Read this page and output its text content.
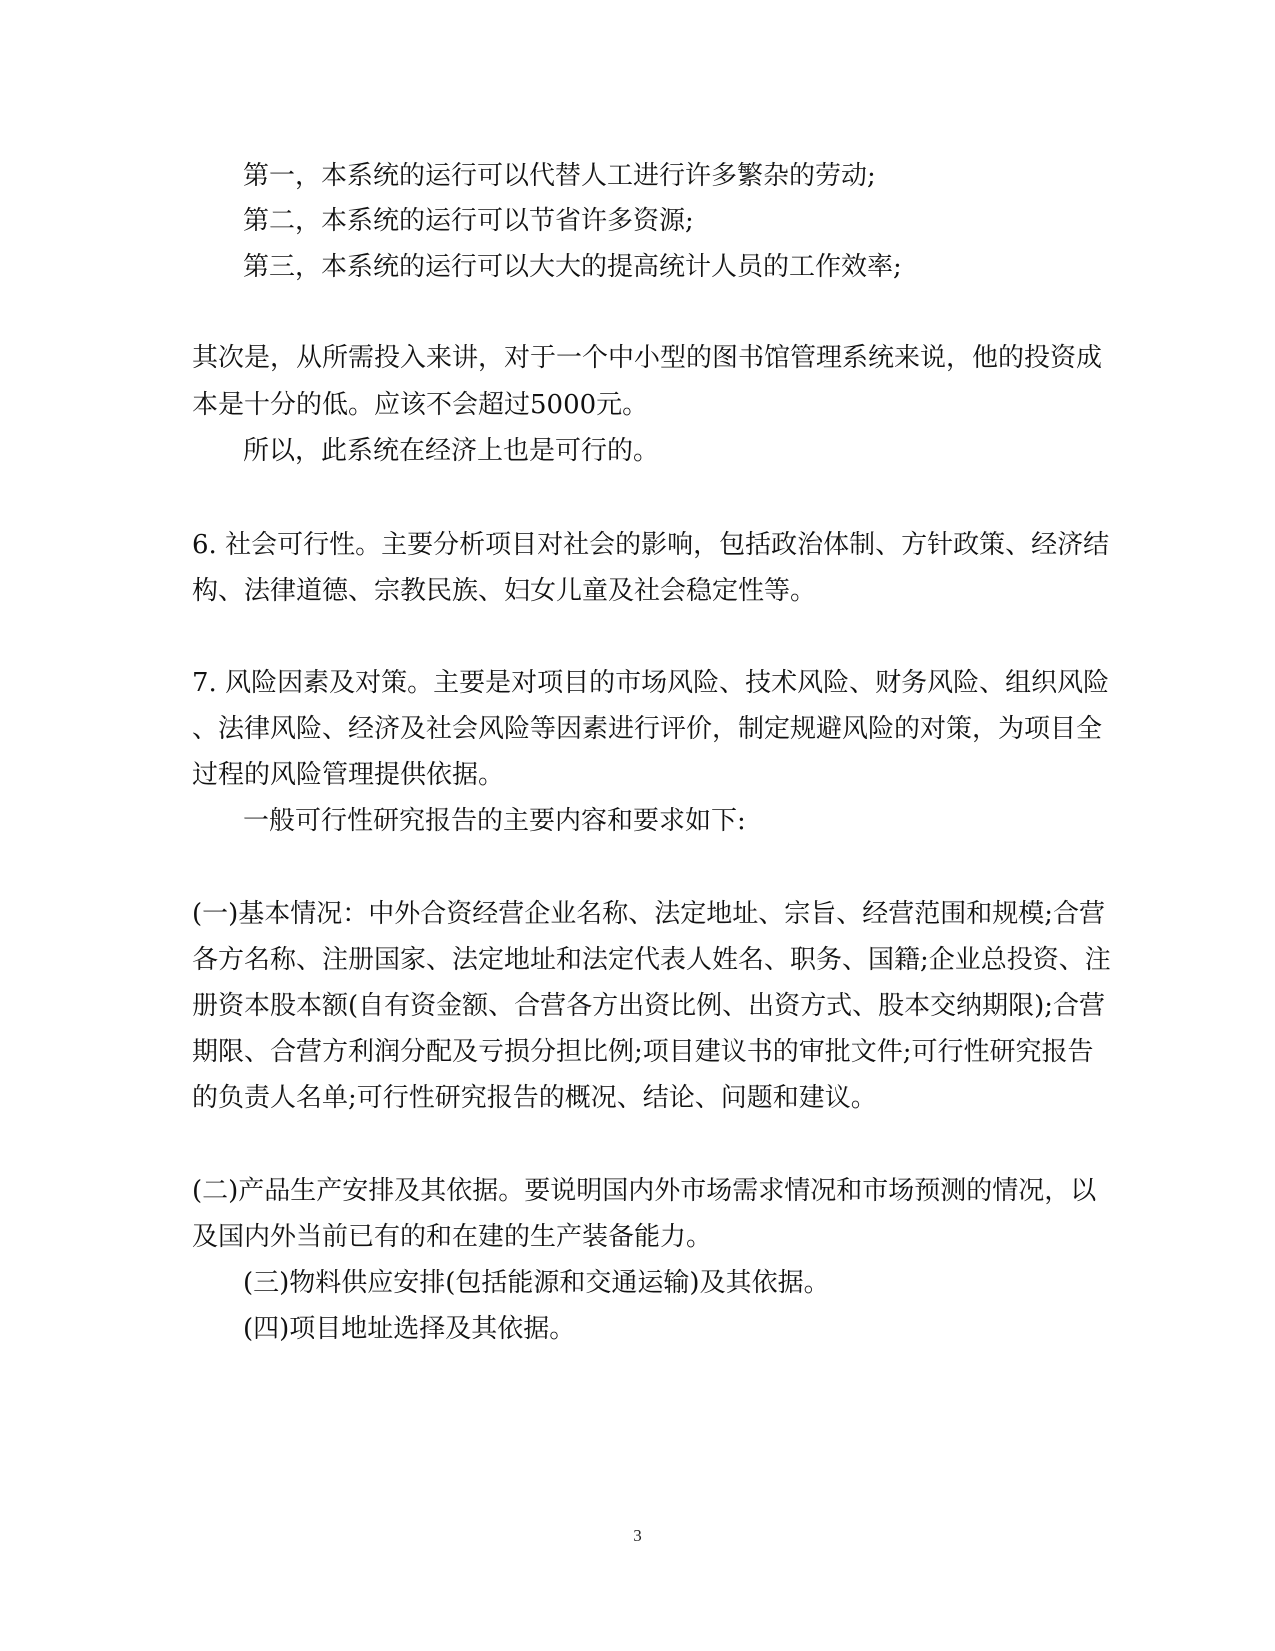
第一，本系统的运行可以代替人工进行许多繁杂的劳动;
第二，本系统的运行可以节省许多资源;
第三，本系统的运行可以大大的提高统计人员的工作效率;
其次是，从所需投入来讲，对于一个中小型的图书馆管理系统来说，他的投资成
本是十分的低。应该不会超过5000元。
所以，此系统在经济上也是可行的。
6. 社会可行性。主要分析项目对社会的影响，包括政治体制、方针政策、经济结
构、法律道德、宗教民族、妇女儿童及社会稳定性等。
7. 风险因素及对策。主要是对项目的市场风险、技术风险、财务风险、组织风险
、法律风险、经济及社会风险等因素进行评价，制定规避风险的对策，为项目全
过程的风险管理提供依据。
一般可行性研究报告的主要内容和要求如下:
(一)基本情况：中外合资经营企业名称、法定地址、宗旨、经营范围和规模;合营
各方名称、注册国家、法定地址和法定代表人姓名、职务、国籍;企业总投资、注
册资本股本额(自有资金额、合营各方出资比例、出资方式、股本交纳期限);合营
期限、合营方利润分配及亏损分担比例;项目建议书的审批文件;可行性研究报告
的负责人名单;可行性研究报告的概况、结论、问题和建议。
(二)产品生产安排及其依据。要说明国内外市场需求情况和市场预测的情况，以
及国内外当前已有的和在建的生产装备能力。
(三)物料供应安排(包括能源和交通运输)及其依据。
(四)项目地址选择及其依据。
3
